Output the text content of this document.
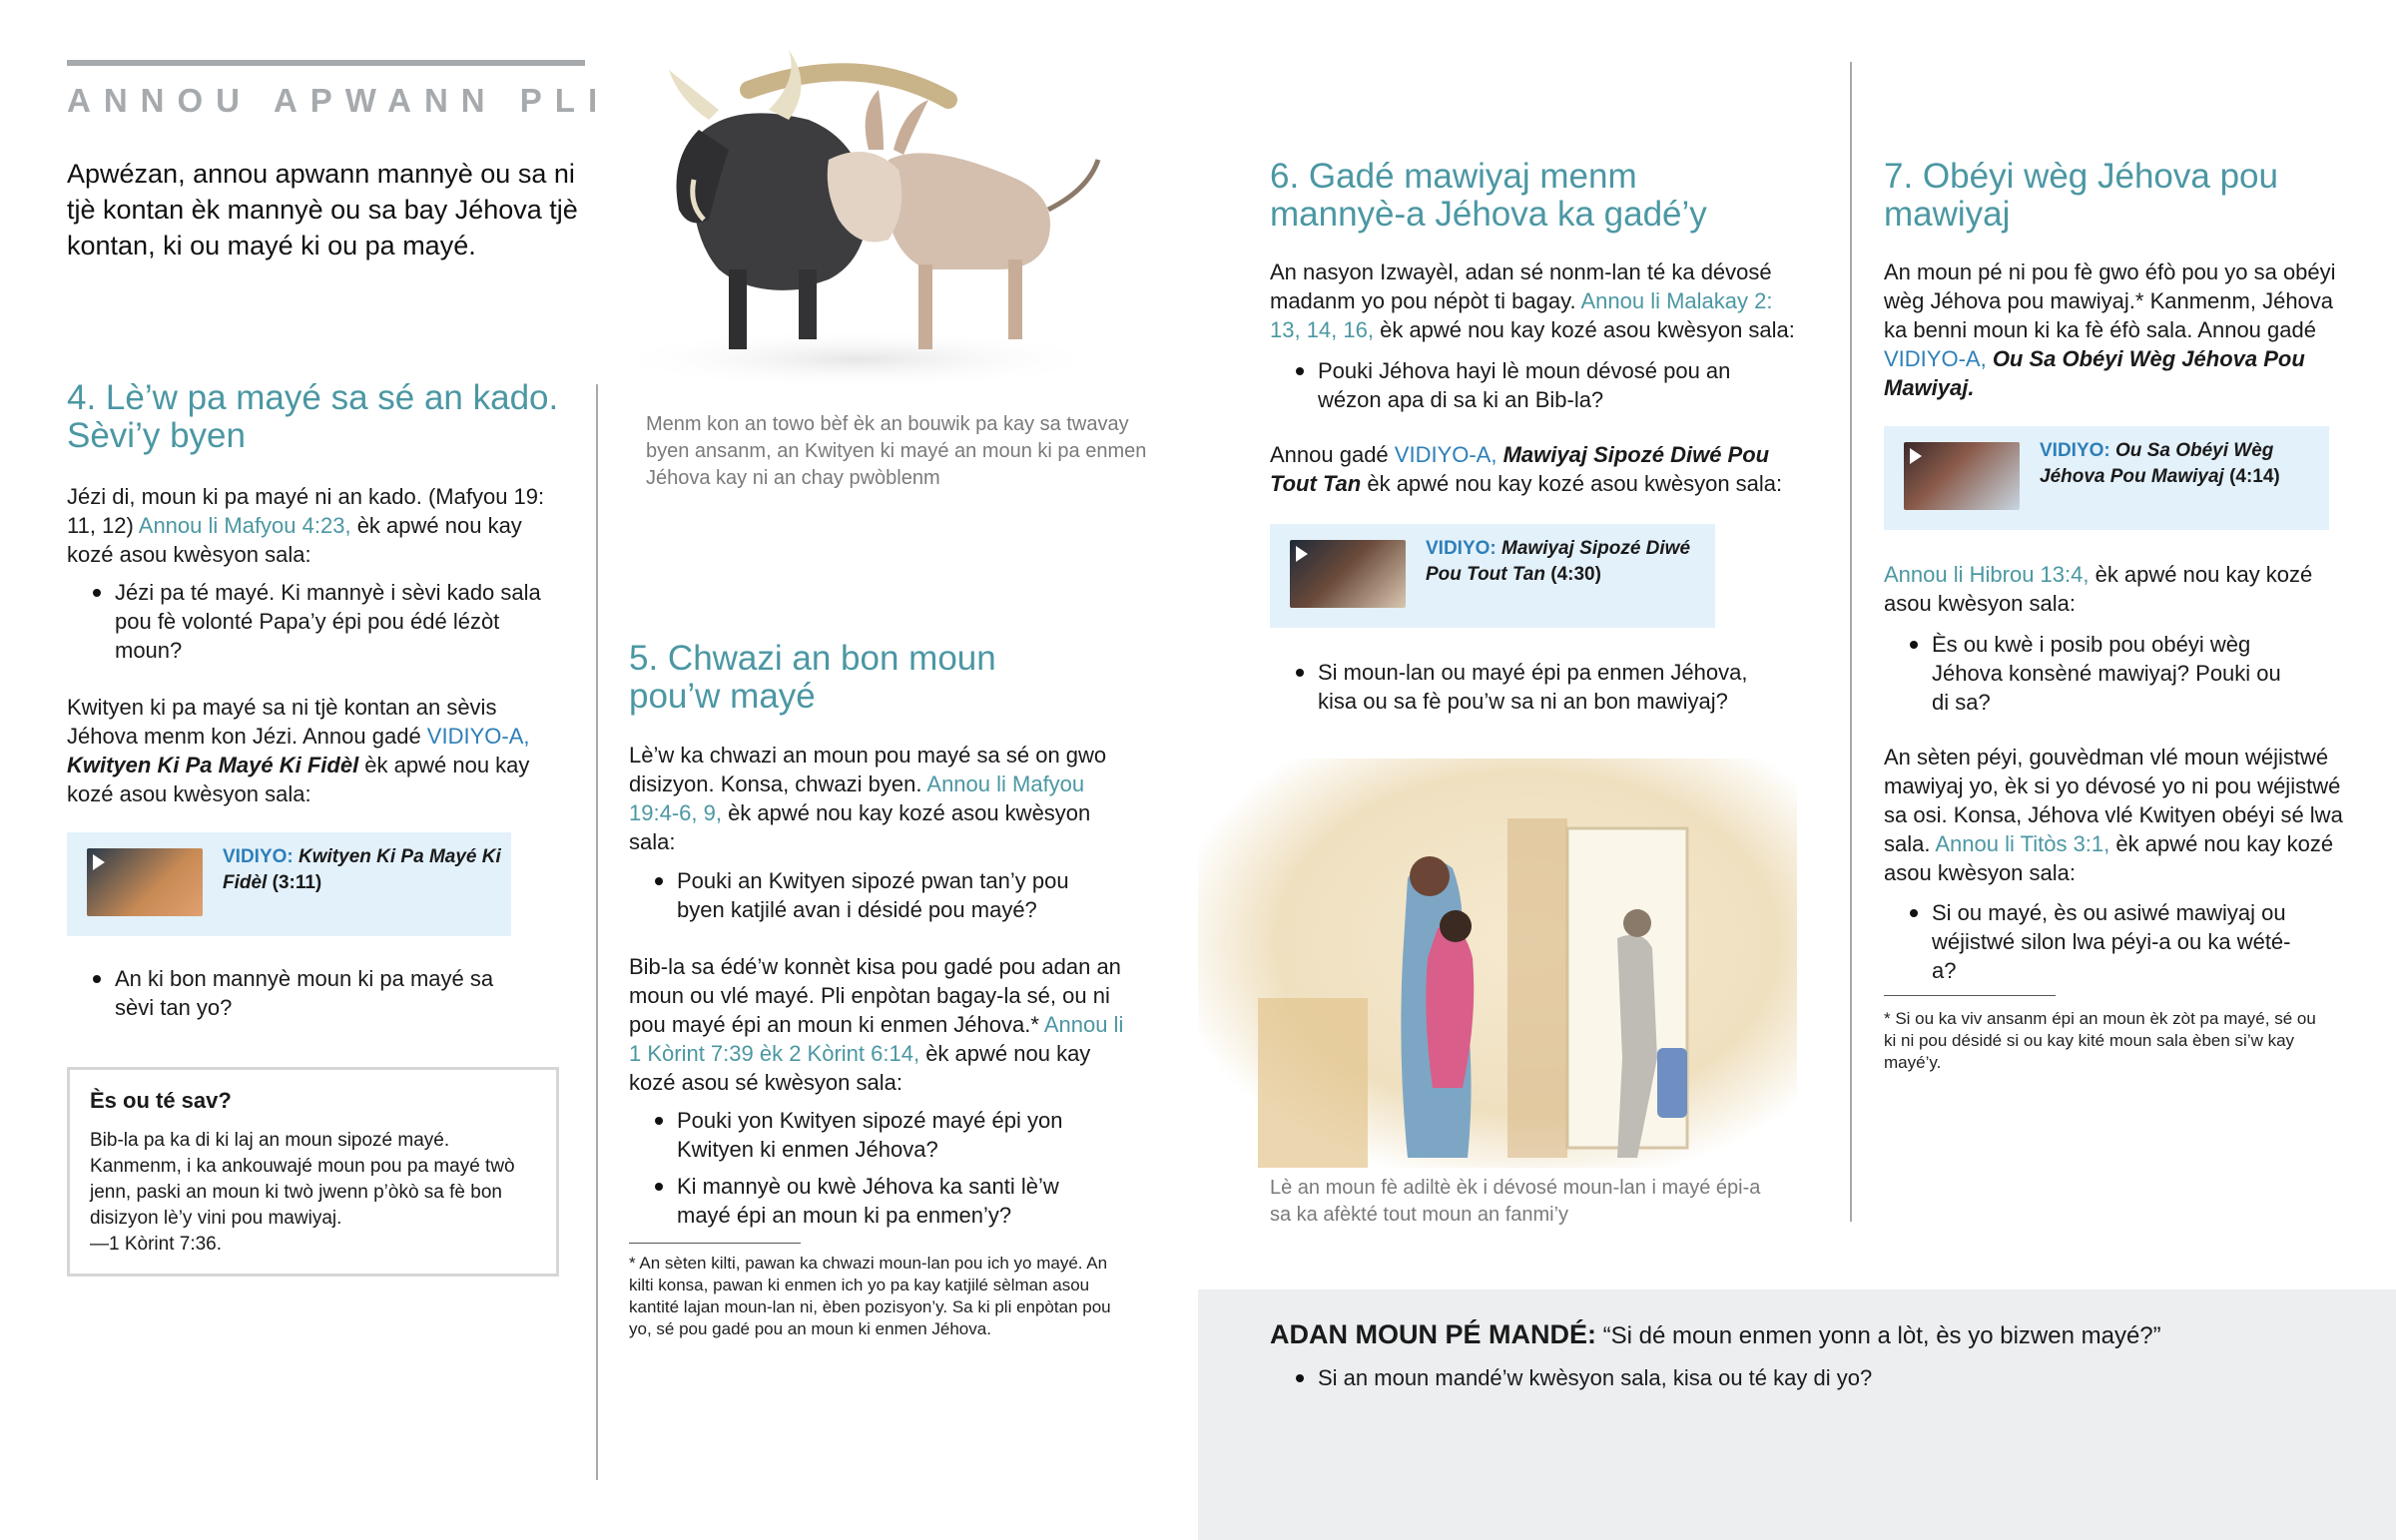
ANNOU APWANN PLI

Apwézan, annou apwann mannyè ou sa ni tjè kontan èk mannyè ou sa bay Jéhova tjè kontan, ki ou mayé ki ou pa mayé.

Menm kon an towo bèf èk an bouwik pa kay sa twavay byen ansanm, an Kwityen ki mayé an moun ki pa enmen Jéhova kay ni an chay pwòblenm

4. Lè’w pa mayé sa sé an kado. Sèvi’y byen

Jézi di, moun ki pa mayé ni an kado. (Mafyou 19: 11, 12) Annou li Mafyou 4:23, èk apwé nou kay kozé asou kwèsyon sala:

Jézi pa té mayé. Ki mannyè i sèvi kado sala pou fè volonté Papa’y épi pou édé lézòt moun?

Kwityen ki pa mayé sa ni tjè kontan an sèvis Jéhova menm kon Jézi. Annou gadé VIDIYO-A,
Kwityen Ki Pa Mayé Ki Fidèl èk apwé nou kay kozé asou kwèsyon sala:

VIDIYO: Kwityen Ki Pa Mayé Ki Fidèl (3:11)
An ki bon mannyè moun ki pa mayé sa sèvi tan yo?
Ès ou té sav?
Bib-la pa ka di ki laj an moun sipozé mayé. Kanmenm, i ka ankouwajé moun pou pa mayé twò jenn, paski an moun ki twò jwenn p’òkò sa fè bon disizyon lè’y vini pou mawiyaj.
—1 Kòrint 7:36.
5. Chwazi an bon moun pou’w mayé

Lè’w ka chwazi an moun pou mayé sa sé on gwo disizyon. Konsa, chwazi byen. Annou li Mafyou 19:4-6, 9, èk apwé nou kay kozé asou kwèsyon sala:

Pouki an Kwityen sipozé pwan tan’y pou byen katjilé avan i désidé pou mayé?

Bib-la sa édé’w konnèt kisa pou gadé pou adan an moun ou vlé mayé. Pli enpòtan bagay-la sé, ou ni pou mayé épi an moun ki enmen Jéhova.* Annou li 1 Kòrint 7:39 èk 2 Kòrint 6:14, èk apwé nou kay kozé asou sé kwèsyon sala:

Pouki yon Kwityen sipozé mayé épi yon Kwityen ki enmen Jéhova?
Ki mannyè ou kwè Jéhova ka santi lè’w mayé épi an moun ki pa enmen’y?

* An sèten kilti, pawan ka chwazi moun-lan pou ich yo mayé. An kilti konsa, pawan ki enmen ich yo pa kay katjilé sèlman asou kantité lajan moun-lan ni, èben pozisyon’y. Sa ki pli enpòtan pou yo, sé pou gadé pou an moun ki enmen Jéhova.

6. Gadé mawiyaj menm mannyè-a Jéhova ka gadé’y

An nasyon Izwayèl, adan sé nonm-lan té ka dévosé madanm yo pou népòt ti bagay. Annou li Malakay 2: 13, 14, 16, èk apwé nou kay kozé asou kwèsyon sala:

Pouki Jéhova hayi lè moun dévosé pou an wézon apa di sa ki an Bib-la?

Annou gadé VIDIYO-A, Mawiyaj Sipozé Diwé Pou Tout Tan èk apwé nou kay kozé asou kwèsyon sala:

VIDIYO: Mawiyaj Sipozé Diwé Pou Tout Tan (4:30)
Si moun-lan ou mayé épi pa enmen Jéhova, kisa ou sa fè pou’w sa ni an bon mawiyaj?

Lè an moun fè adiltè èk i dévosé moun-lan i mayé épi-a sa ka afèkté tout moun an fanmi’y

7. Obéyi wèg Jéhova pou mawiyaj

An moun pé ni pou fè gwo éfò pou yo sa obéyi wèg Jéhova pou mawiyaj.* Kanmenm, Jéhova ka benni moun ki ka fè éfò sala. Annou gadé VIDIYO-A, Ou Sa Obéyi Wèg Jéhova Pou Mawiyaj.

VIDIYO: Ou Sa Obéyi Wèg Jéhova Pou Mawiyaj (4:14)

Annou li Hibrou 13:4, èk apwé nou kay kozé asou kwèsyon sala:

Ès ou kwè i posib pou obéyi wèg Jéhova konsèné mawiyaj? Pouki ou di sa?

An sèten péyi, gouvèdman vlé moun wéjistwé mawiyaj yo, èk si yo dévosé yo ni pou wéjistwé sa osi. Konsa, Jéhova vlé Kwityen obéyi sé lwa sala. Annou li Titòs 3:1, èk apwé nou kay kozé asou kwèsyon sala:

Si ou mayé, ès ou asiwé mawiyaj ou wéjistwé silon lwa péyi-a ou ka wété-a?

* Si ou ka viv ansanm épi an moun èk zòt pa mayé, sé ou ki ni pou désidé si ou kay kité moun sala èben si’w kay mayé’y.

ADAN MOUN PÉ MANDÉ: “Si dé moun enmen yonn a lòt, ès yo bizwen mayé?”

Si an moun mandé’w kwèsyon sala, kisa ou té kay di yo?
